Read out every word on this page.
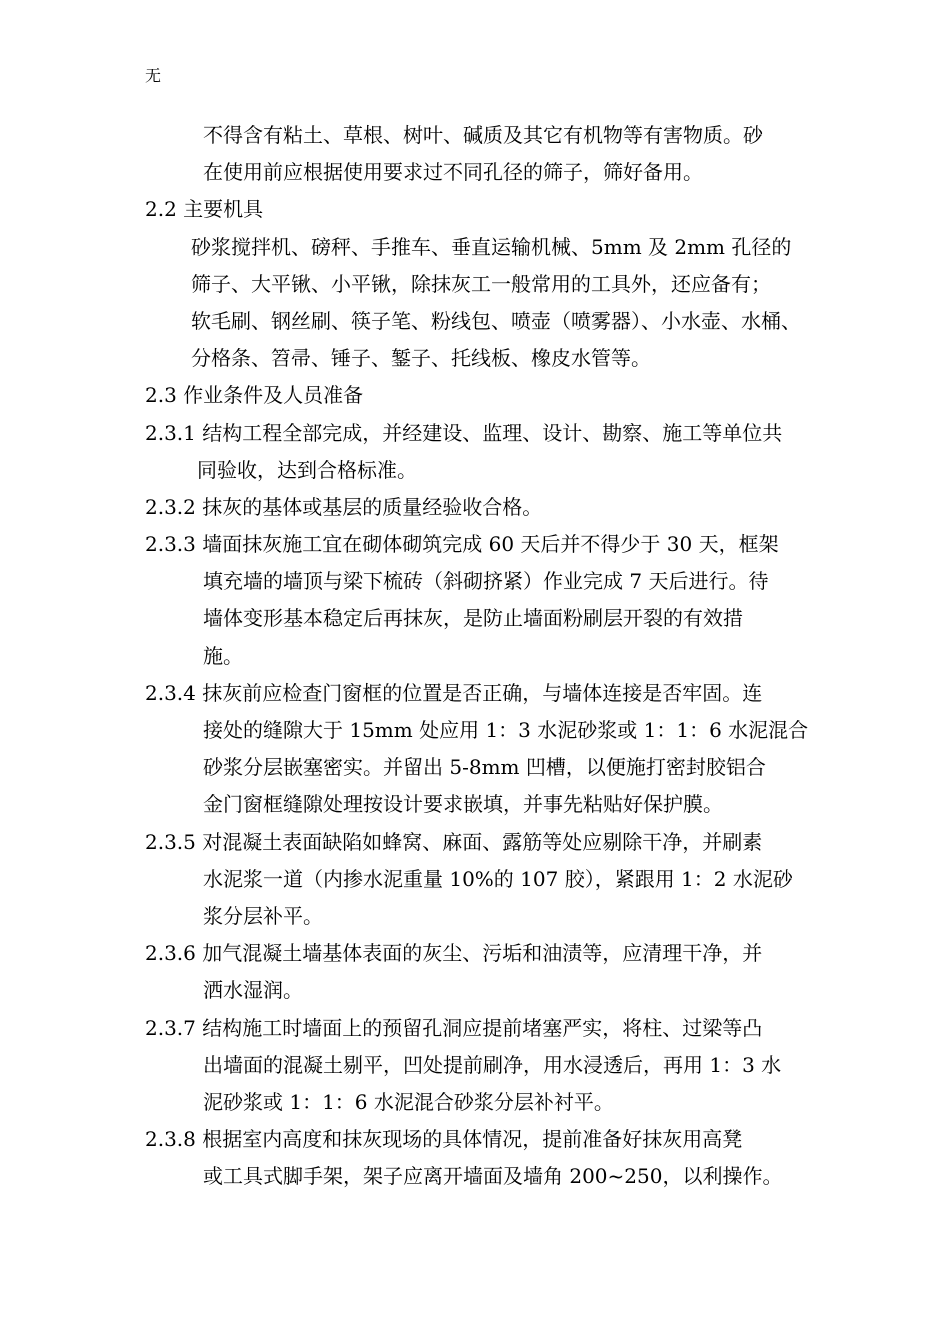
无
不得含有粘土、草根、树叶、碱质及其它有机物等有害物质。砂
在使用前应根据使用要求过不同孔径的筛子，筛好备用。
2.2 主要机具
砂浆搅拌机、磅秤、手推车、垂直运输机械、5mm 及 2mm 孔径的
筛子、大平锹、小平锹，除抹灰工一般常用的工具外，还应备有；
软毛刷、钢丝刷、筷子笔、粉线包、喷壶（喷雾器）、小水壶、水桶、
分格条、笤帚、锤子、錾子、托线板、橡皮水管等。
2.3 作业条件及人员准备
2.3.1 结构工程全部完成，并经建设、监理、设计、勘察、施工等单位共
同验收，达到合格标准。
2.3.2 抹灰的基体或基层的质量经验收合格。
2.3.3 墙面抹灰施工宜在砌体砌筑完成 60 天后并不得少于 30 天，框架
填充墙的墙顶与梁下梳砖（斜砌挤紧）作业完成 7 天后进行。待
墙体变形基本稳定后再抹灰，是防止墙面粉刷层开裂的有效措
施。
2.3.4 抹灰前应检查门窗框的位置是否正确，与墙体连接是否牢固。连
接处的缝隙大于 15mm 处应用 1：3 水泥砂浆或 1：1：6 水泥混合
砂浆分层嵌塞密实。并留出 5-8mm 凹槽，以便施打密封胶铝合
金门窗框缝隙处理按设计要求嵌填，并事先粘贴好保护膜。
2.3.5 对混凝土表面缺陷如蜂窝、麻面、露筋等处应剔除干净，并刷素
水泥浆一道（内掺水泥重量 10%的 107 胶），紧跟用 1：2 水泥砂
浆分层补平。
2.3.6 加气混凝土墙基体表面的灰尘、污垢和油渍等，应清理干净，并
洒水湿润。
2.3.7 结构施工时墙面上的预留孔洞应提前堵塞严实，将柱、过梁等凸
出墙面的混凝土剔平，凹处提前刷净，用水浸透后，再用 1：3 水
泥砂浆或 1：1：6 水泥混合砂浆分层补衬平。
2.3.8 根据室内高度和抹灰现场的具体情况，提前准备好抹灰用高凳
或工具式脚手架，架子应离开墙面及墙角 200~250，以利操作。
